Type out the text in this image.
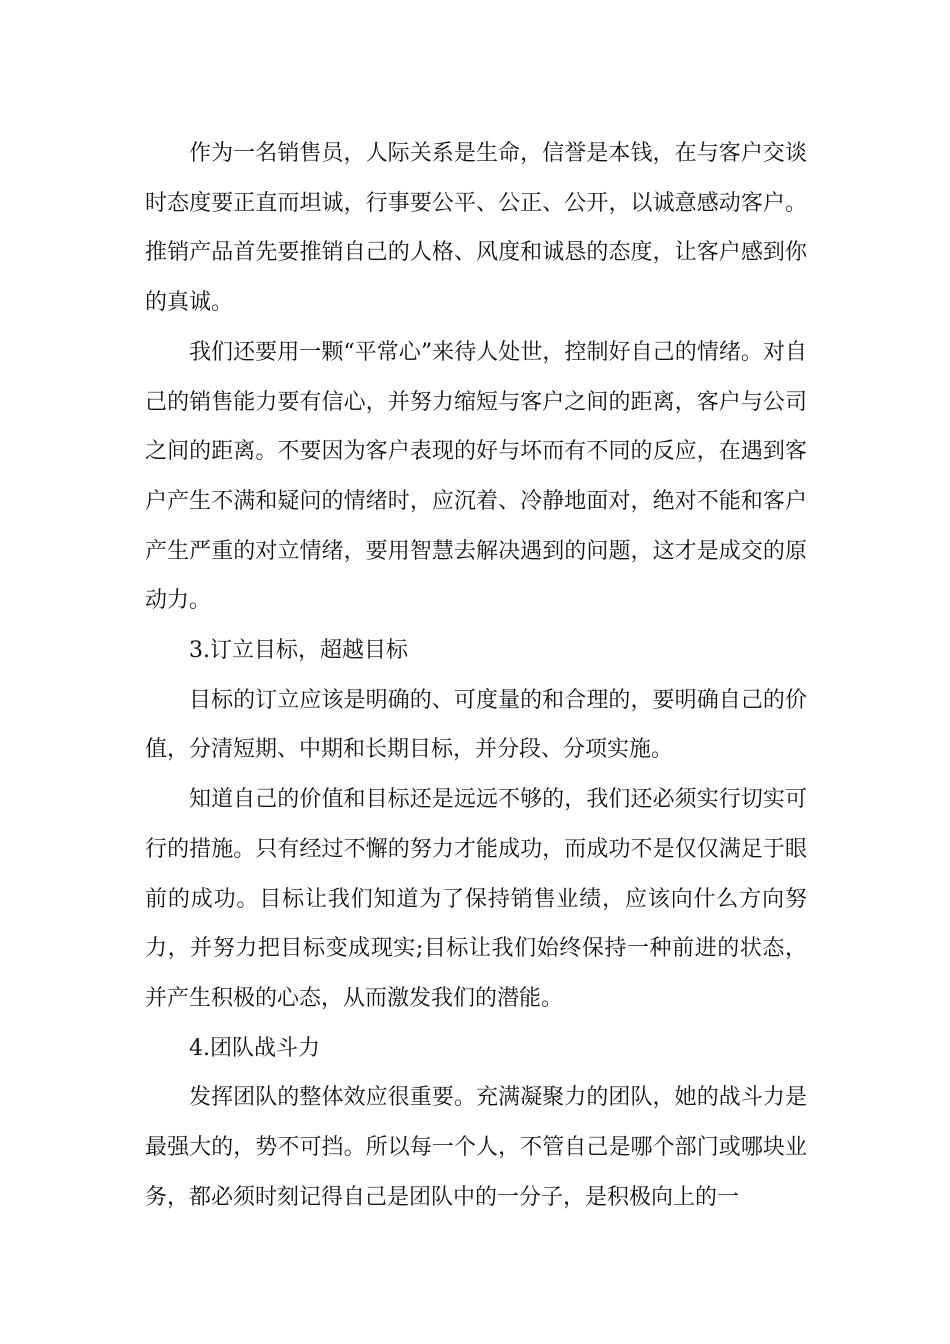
作为一名销售员，人际关系是生命，信誉是本钱，在与客户交谈时态度要正直而坦诚，行事要公平、公正、公开，以诚意感动客户。推销产品首先要推销自己的人格、风度和诚恳的态度，让客户感到你的真诚。

我们还要用一颗“平常心”来待人处世，控制好自己的情绪。对自己的销售能力要有信心，并努力缩短与客户之间的距离，客户与公司之间的距离。不要因为客户表现的好与坏而有不同的反应，在遇到客户产生不满和疑问的情绪时，应沉着、冷静地面对，绝对不能和客户产生严重的对立情绪，要用智慧去解决遇到的问题，这才是成交的原动力。

3.订立目标，超越目标

目标的订立应该是明确的、可度量的和合理的，要明确自己的价值，分清短期、中期和长期目标，并分段、分项实施。

知道自己的价值和目标还是远远不够的，我们还必须实行切实可行的措施。只有经过不懈的努力才能成功，而成功不是仅仅满足于眼前的成功。目标让我们知道为了保持销售业绩，应该向什么方向努力，并努力把目标变成现实;目标让我们始终保持一种前进的状态，并产生积极的心态，从而激发我们的潜能。

4.团队战斗力

发挥团队的整体效应很重要。充满凝聚力的团队，她的战斗力是最强大的，势不可挡。所以每一个人，不管自己是哪个部门或哪块业务，都必须时刻记得自己是团队中的一分子，是积极向上的一
